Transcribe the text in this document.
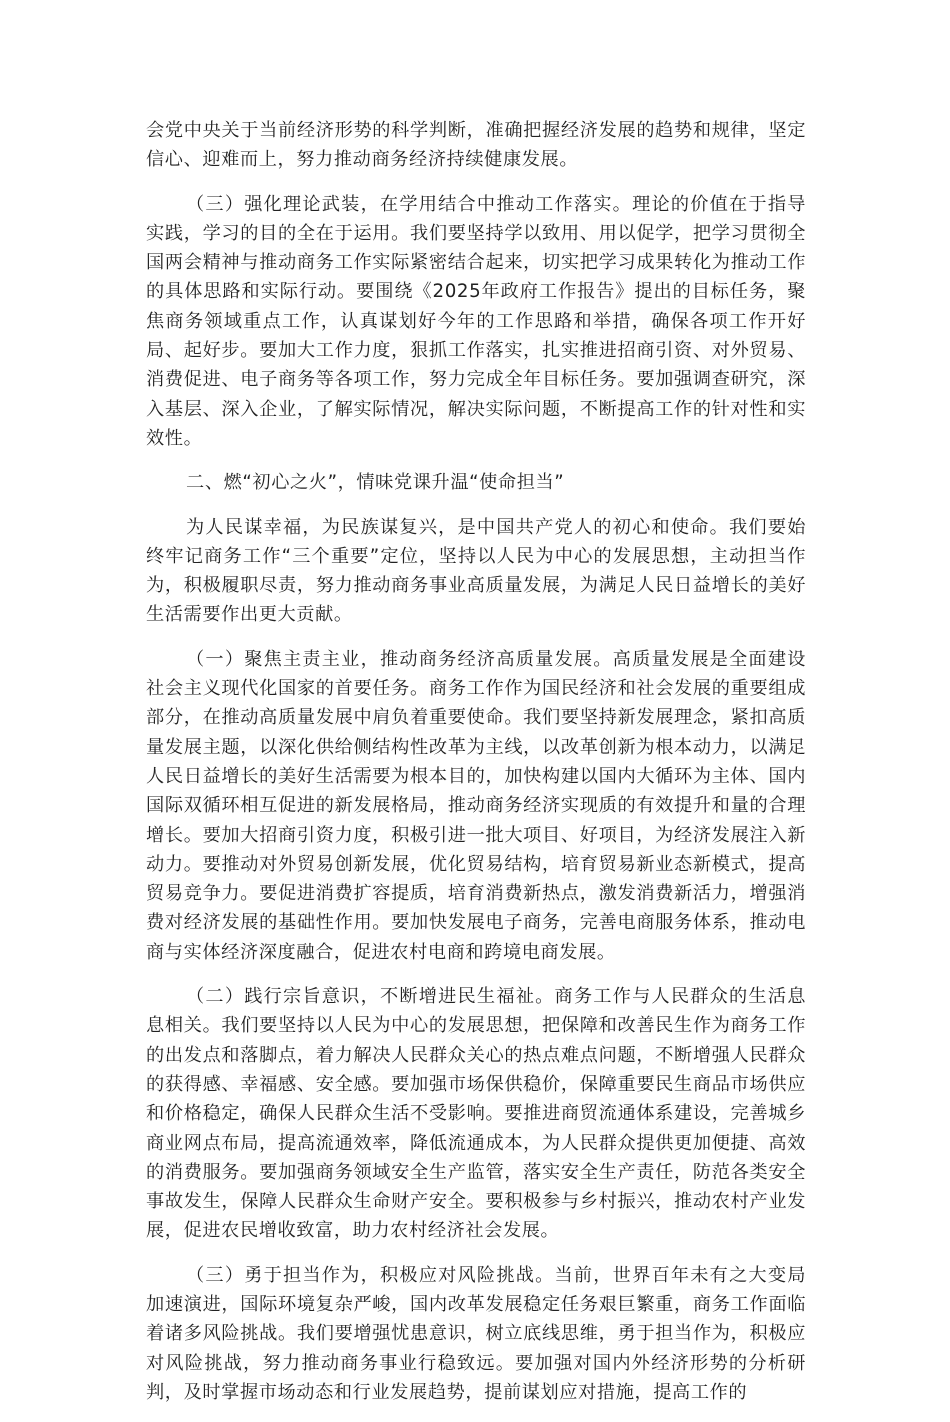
会党中央关于当前经济形势的科学判断，准确把握经济发展的趋势和规律，坚定信心、迎难而上，努力推动商务经济持续健康发展。

（三）强化理论武装，在学用结合中推动工作落实。理论的价值在于指导实践，学习的目的全在于运用。我们要坚持学以致用、用以促学，把学习贯彻全国两会精神与推动商务工作实际紧密结合起来，切实把学习成果转化为推动工作的具体思路和实际行动。要围绕《2025年政府工作报告》提出的目标任务，聚焦商务领域重点工作，认真谋划好今年的工作思路和举措，确保各项工作开好局、起好步。要加大工作力度，狠抓工作落实，扎实推进招商引资、对外贸易、消费促进、电子商务等各项工作，努力完成全年目标任务。要加强调查研究，深入基层、深入企业，了解实际情况，解决实际问题，不断提高工作的针对性和实效性。

二、燃“初心之火”，情味党课升温“使命担当”

为人民谋幸福，为民族谋复兴，是中国共产党人的初心和使命。我们要始终牢记商务工作“三个重要”定位，坚持以人民为中心的发展思想，主动担当作为，积极履职尽责，努力推动商务事业高质量发展，为满足人民日益增长的美好生活需要作出更大贡献。

（一）聚焦主责主业，推动商务经济高质量发展。高质量发展是全面建设社会主义现代化国家的首要任务。商务工作作为国民经济和社会发展的重要组成部分，在推动高质量发展中肩负着重要使命。我们要坚持新发展理念，紧扣高质量发展主题，以深化供给侧结构性改革为主线，以改革创新为根本动力，以满足人民日益增长的美好生活需要为根本目的，加快构建以国内大循环为主体、国内国际双循环相互促进的新发展格局，推动商务经济实现质的有效提升和量的合理增长。要加大招商引资力度，积极引进一批大项目、好项目，为经济发展注入新动力。要推动对外贸易创新发展，优化贸易结构，培育贸易新业态新模式，提高贸易竞争力。要促进消费扩容提质，培育消费新热点，激发消费新活力，增强消费对经济发展的基础性作用。要加快发展电子商务，完善电商服务体系，推动电商与实体经济深度融合，促进农村电商和跨境电商发展。

（二）践行宗旨意识，不断增进民生福祉。商务工作与人民群众的生活息息相关。我们要坚持以人民为中心的发展思想，把保障和改善民生作为商务工作的出发点和落脚点，着力解决人民群众关心的热点难点问题，不断增强人民群众的获得感、幸福感、安全感。要加强市场保供稳价，保障重要民生商品市场供应和价格稳定，确保人民群众生活不受影响。要推进商贸流通体系建设，完善城乡商业网点布局，提高流通效率，降低流通成本，为人民群众提供更加便捷、高效的消费服务。要加强商务领域安全生产监管，落实安全生产责任，防范各类安全事故发生，保障人民群众生命财产安全。要积极参与乡村振兴，推动农村产业发展，促进农民增收致富，助力农村经济社会发展。

（三）勇于担当作为，积极应对风险挑战。当前，世界百年未有之大变局加速演进，国际环境复杂严峻，国内改革发展稳定任务艰巨繁重，商务工作面临着诸多风险挑战。我们要增强忧患意识，树立底线思维，勇于担当作为，积极应对风险挑战，努力推动商务事业行稳致远。要加强对国内外经济形势的分析研判，及时掌握市场动态和行业发展趋势，提前谋划应对措施，提高工作的
